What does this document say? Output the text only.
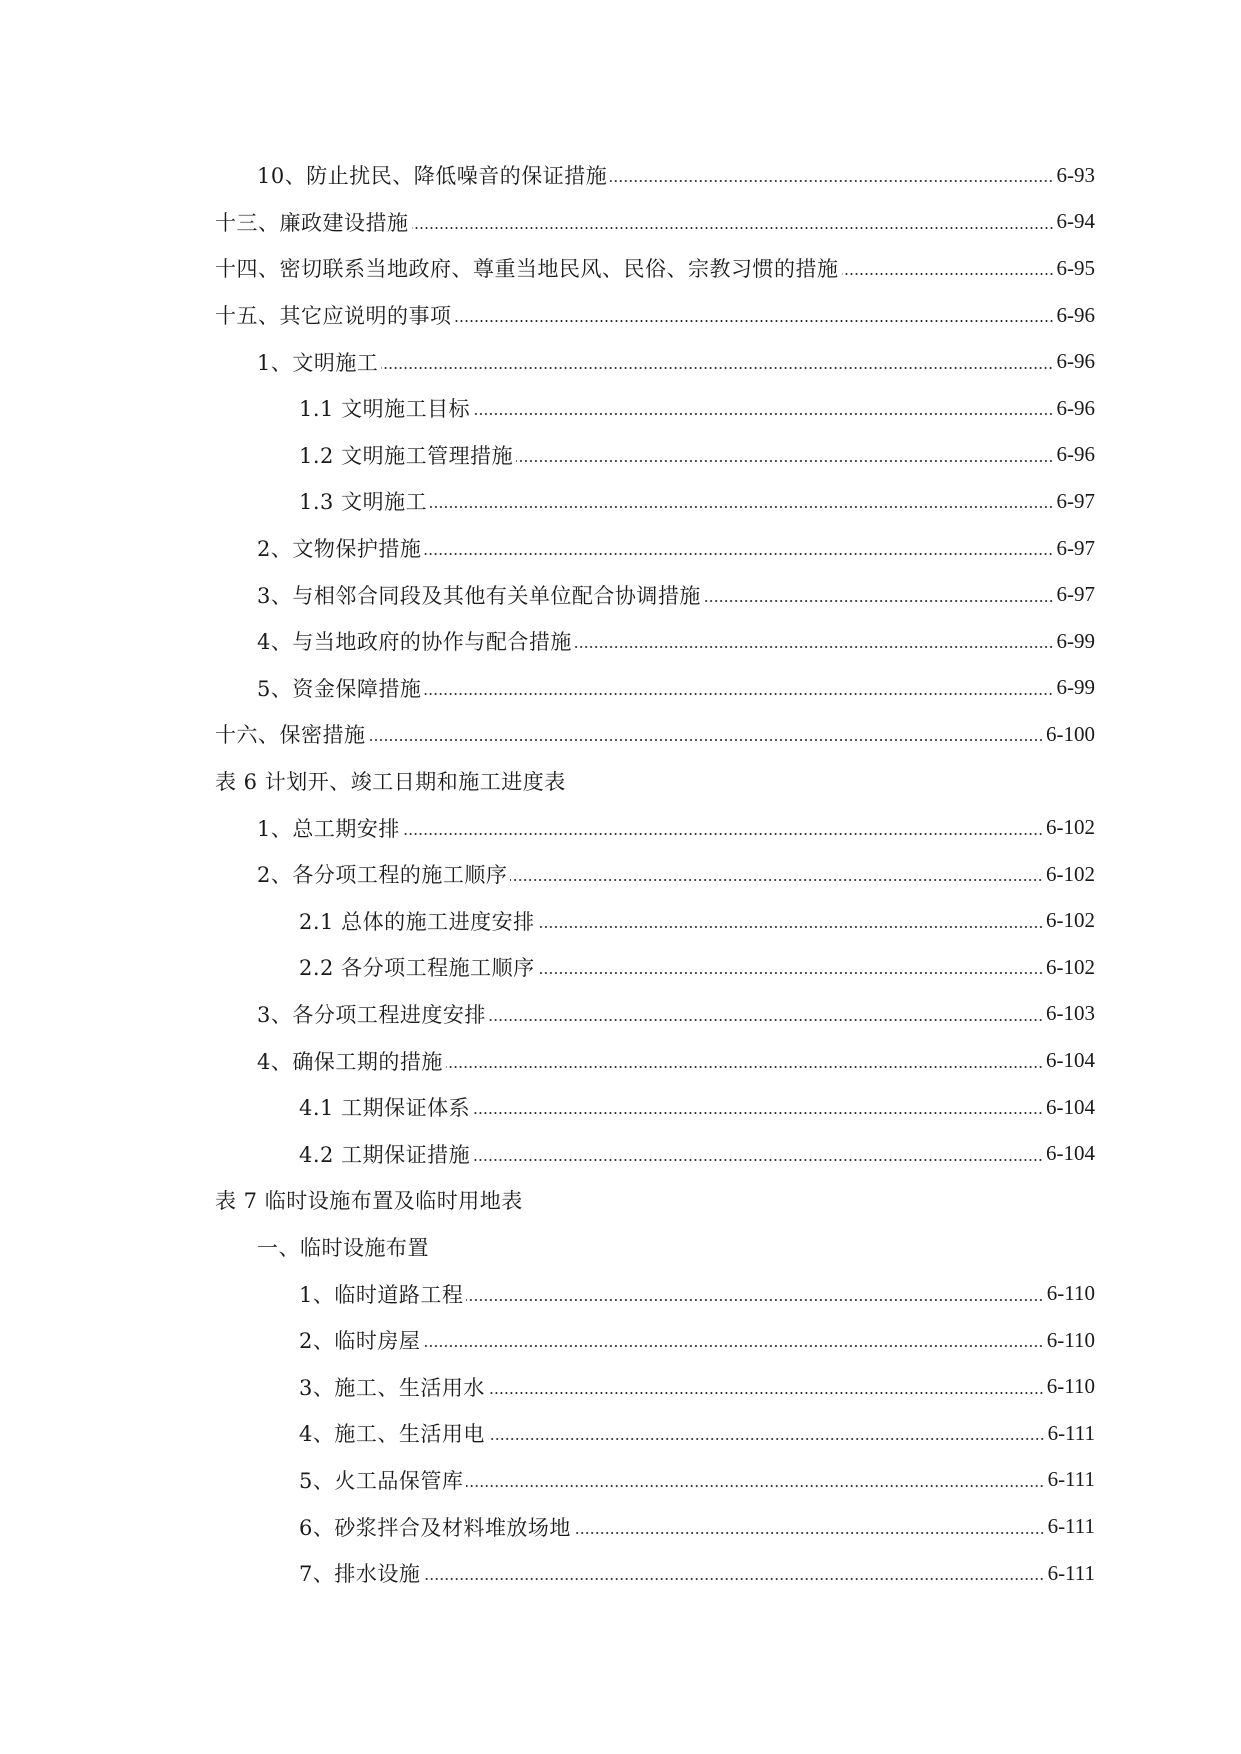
10、防止扰民、降低噪音的保证措施	6-93
十三、廉政建设措施	6-94
十四、密切联系当地政府、尊重当地民风、民俗、宗教习惯的措施	6-95
十五、其它应说明的事项	6-96
1、文明施工	6-96
1.1 文明施工目标	6-96
1.2 文明施工管理措施	6-96
1.3 文明施工	6-97
2、文物保护措施	6-97
3、与相邻合同段及其他有关单位配合协调措施	6-97
4、与当地政府的协作与配合措施	6-99
5、资金保障措施	6-99
十六、保密措施	6-100
表 6 计划开、竣工日期和施工进度表
1、总工期安排	6-102
2、各分项工程的施工顺序	6-102
2.1 总体的施工进度安排	6-102
2.2 各分项工程施工顺序	6-102
3、各分项工程进度安排	6-103
4、确保工期的措施	6-104
4.1 工期保证体系	6-104
4.2 工期保证措施	6-104
表 7 临时设施布置及临时用地表
一、临时设施布置
1、临时道路工程	6-110
2、临时房屋	6-110
3、施工、生活用水	6-110
4、施工、生活用电	6-111
5、火工品保管库	6-111
6、砂浆拌合及材料堆放场地	6-111
7、排水设施	6-111
